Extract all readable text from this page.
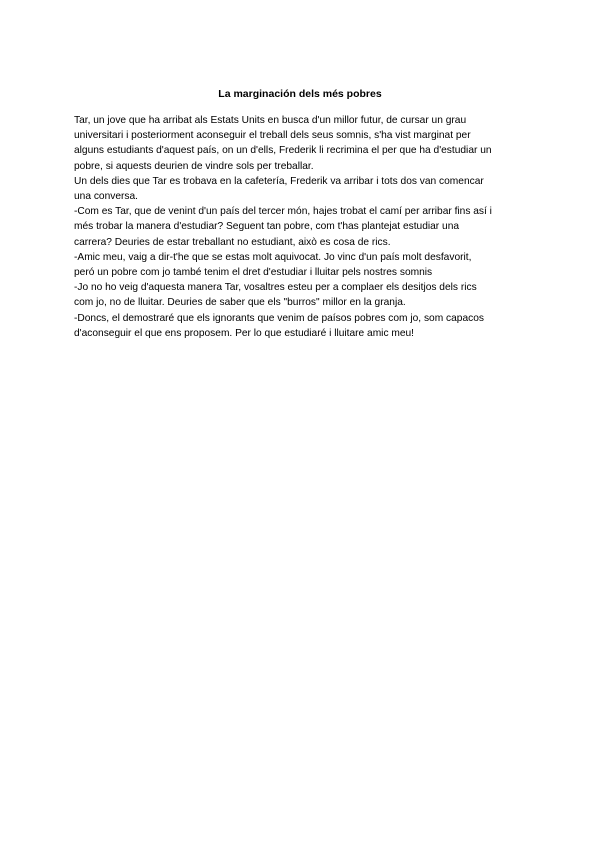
La marginación dels més pobres
Tar, un jove que ha arribat als Estats Units en busca d'un millor futur, de cursar un grau
universitari i posteriorment aconseguir el treball dels seus somnis, s'ha vist marginat per
alguns estudiants d'aquest país, on un d'ells, Frederik li recrimina el per que ha d'estudiar un
pobre, si aquests deurien de vindre sols per treballar.
Un dels dies que Tar es trobava en la cafetería, Frederik va arribar i tots dos van comencar
una conversa.
-Com es Tar, que de venint d'un país del tercer món, hajes trobat el camí per arribar fins así i
més trobar la manera d'estudiar? Seguent tan pobre, com t'has plantejat estudiar una
carrera? Deuries de estar treballant no estudiant, això es cosa de rics.
-Amic meu, vaig a dir-t'he que se estas molt aquivocat. Jo vinc d'un país molt desfavorit,
peró un pobre com jo també tenim el dret d'estudiar i lluitar pels nostres somnis
-Jo no ho veig d'aquesta manera Tar, vosaltres esteu per a complaer els desitjos dels rics
com jo, no de lluitar. Deuries de saber que els "burros" millor en la granja.
-Doncs, el demostraré que els ignorants que venim de paísos pobres com jo, som capacos
d'aconseguir el que ens proposem. Per lo que estudiaré i lluitare amic meu!
